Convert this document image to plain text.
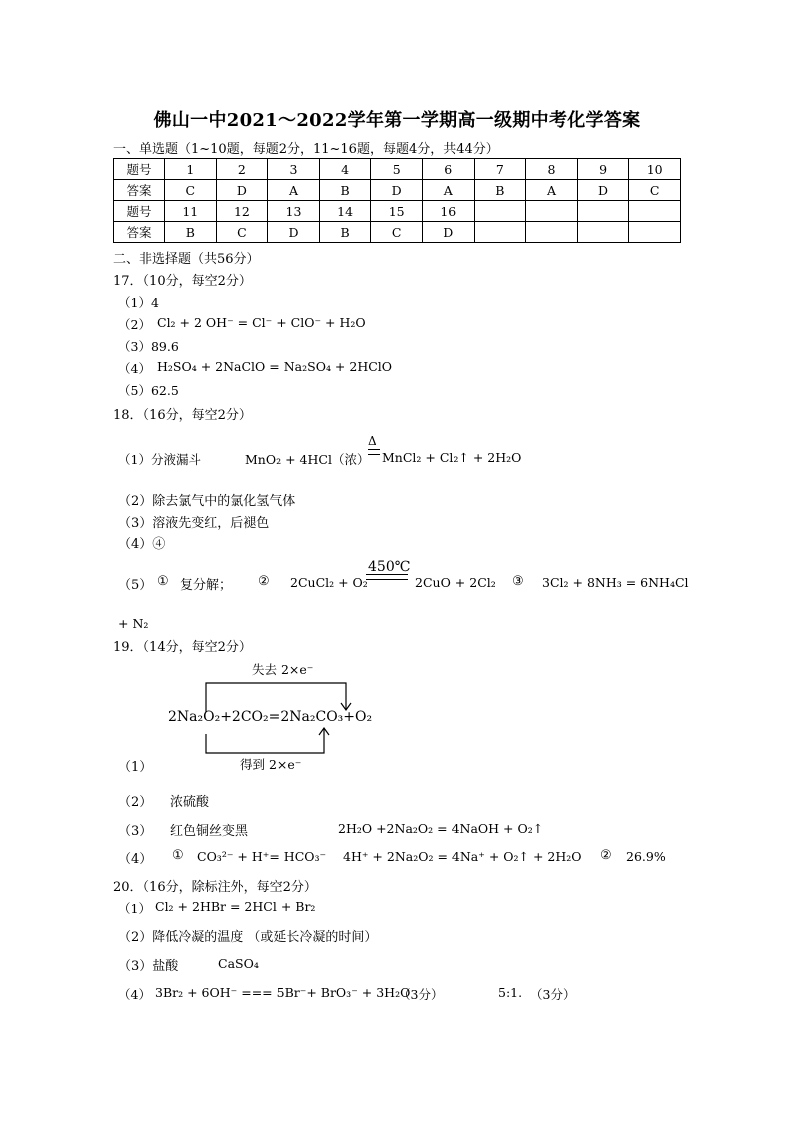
佛山一中2021～2022学年第一学期高一级期中考化学答案
一、单选题（1~10题，每题2分，11~16题，每题4分，共44分）
题号	1	2	3	4	5	6	7	8	9	10
答案	C	D	A	B	D	A	B	A	D	C
题号	11	12	13	14	15	16				
答案	B	C	D	B	C	D				
二、非选择题（共56分）
17．（10分，每空2分）
（1）4
（2） Cl₂ + 2 OH⁻ = Cl⁻ + ClO⁻ + H₂O
（3）89.6
（4） H₂SO₄ + 2NaClO = Na₂SO₄ + 2HClO
（5）62.5
18．（16分，每空2分）
（1）分液漏斗	MnO₂ + 4HCl（浓）
Δ
MnCl₂ + Cl₂↑ + 2H₂O
（2）除去氯气中的氯化氢气体
（3）溶液先变红，后褪色
（4）④
（5） ① 复分解； ② 2CuCl₂ + O₂
450℃
2CuO + 2Cl₂ ③ 3Cl₂ + 8NH₃ = 6NH₄Cl
+ N₂
19．（14分，每空2分）
失去 2×e⁻
2Na₂O₂+2CO₂=2Na₂CO₃+O₂
得到 2×e⁻
（1）
（2） 浓硫酸
（3） 红色铜丝变黑	2H₂O +2Na₂O₂ = 4NaOH + O₂↑
（4） ① CO₃²⁻ + H⁺= HCO₃⁻ 4H⁺ + 2Na₂O₂ = 4Na⁺ + O₂↑ + 2H₂O ② 26.9%
20．（16分，除标注外，每空2分）
（1） Cl₂ + 2HBr = 2HCl + Br₂
（2）降低冷凝的温度 （或延长冷凝的时间）
（3）盐酸	CaSO₄
（4） 3Br₂ + 6OH⁻ === 5Br⁻+ BrO₃⁻ + 3H₂O
（3分）	5:1. （3分）
